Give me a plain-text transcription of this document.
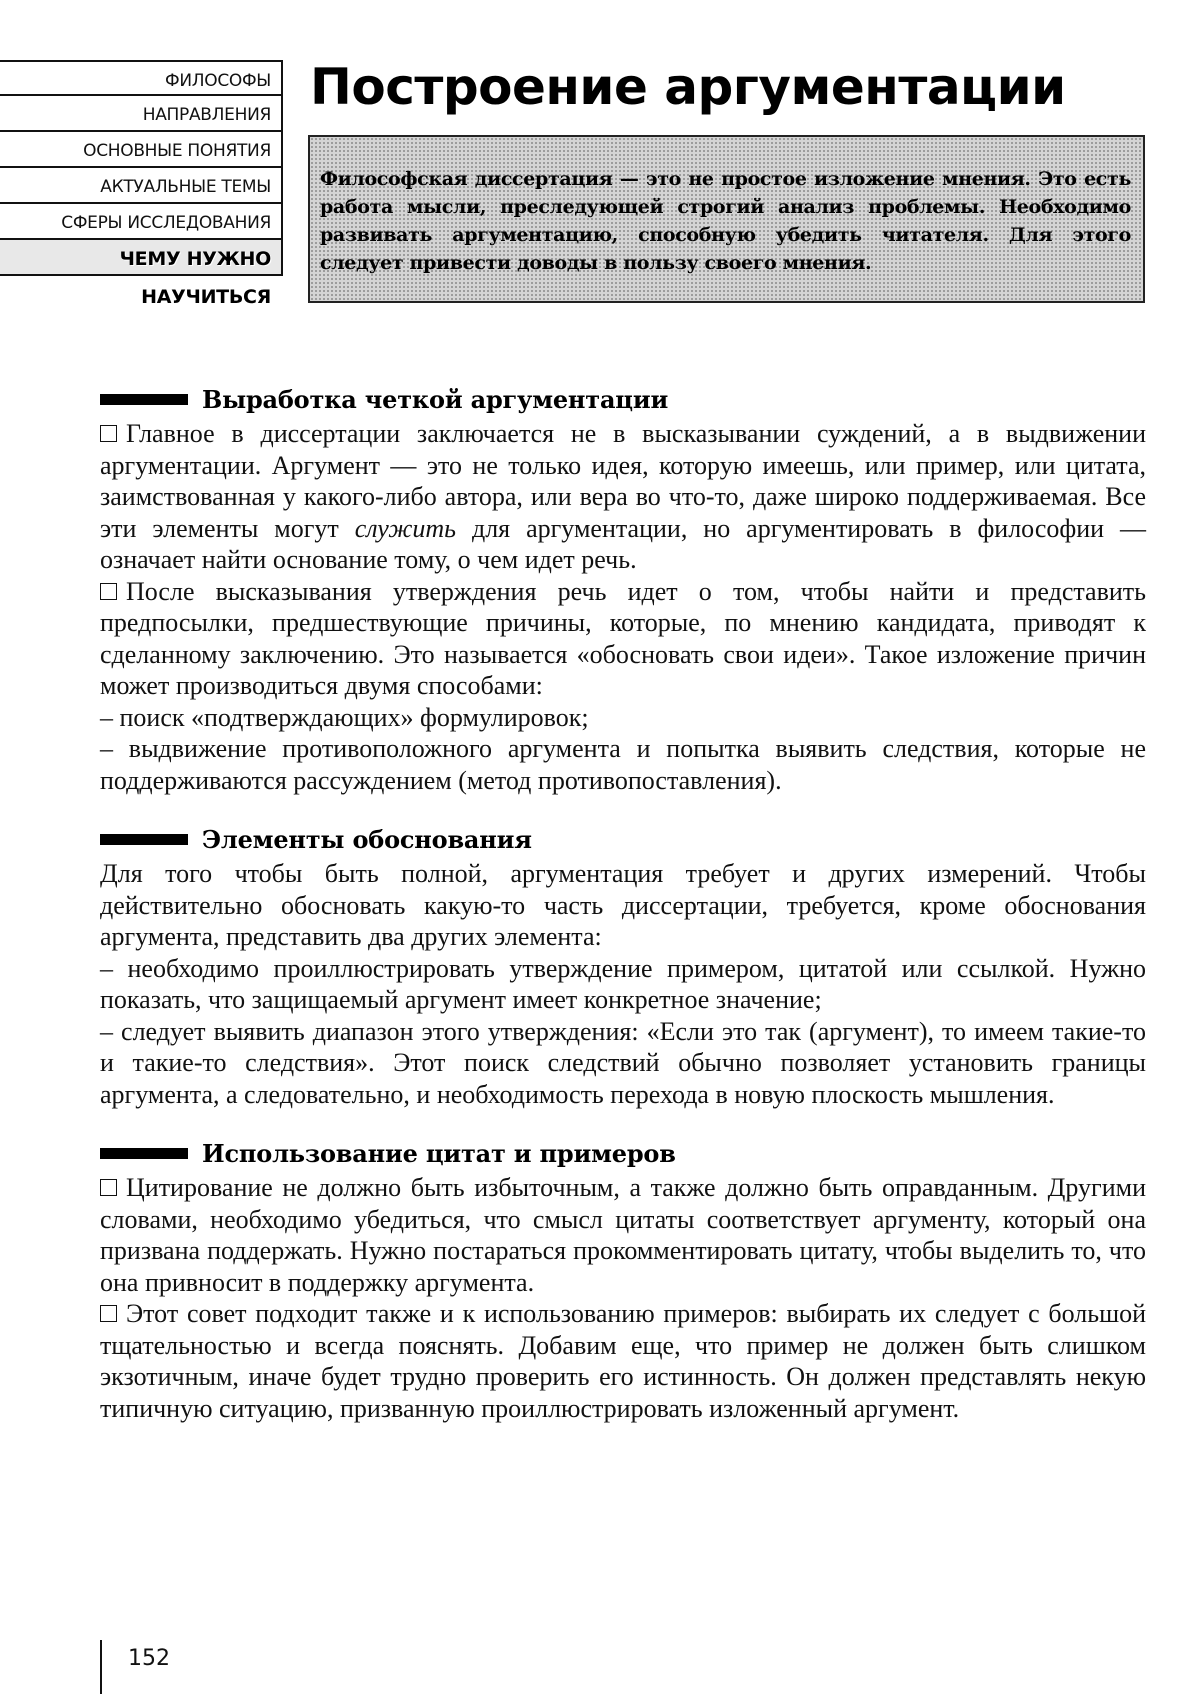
ФИЛОСОФЫ
НАПРАВЛЕНИЯ
ОСНОВНЫЕ ПОНЯТИЯ
АКТУАЛЬНЫЕ ТЕМЫ
СФЕРЫ ИССЛЕДОВАНИЯ
ЧЕМУ НУЖНО НАУЧИТЬСЯ
Построение аргументации

Философская диссертация — это не простое изложение мнения. Это есть работа мысли, преследующей строгий анализ проблемы. Необходимо развивать аргументацию, способную убедить читателя. Для этого следует привести доводы в пользу своего мнения.

Выработка четкой аргументации

Главное в диссертации заключается не в высказывании суждений, а в выдвижении аргументации. Аргумент — это не только идея, которую имеешь, или пример, или цитата, заимствованная у какого-либо автора, или вера во что-то, даже широко поддерживаемая. Все эти элементы могут служить для аргументации, но аргументировать в философии — означает найти основание тому, о чем идет речь.

После высказывания утверждения речь идет о том, чтобы найти и представить предпосылки, предшествующие причины, которые, по мнению кандидата, приводят к сделанному заключению. Это называется «обосновать свои идеи». Такое изложение причин может производиться двумя способами:

– поиск «подтверждающих» формулировок;

– выдвижение противоположного аргумента и попытка выявить следствия, которые не поддерживаются рассуждением (метод противопоставления).

Элементы обоснования

Для того чтобы быть полной, аргументация требует и других измерений. Чтобы действительно обосновать какую-то часть диссертации, требуется, кроме обоснования аргумента, представить два других элемента:

– необходимо проиллюстрировать утверждение примером, цитатой или ссылкой. Нужно показать, что защищаемый аргумент имеет конкретное значение;

– следует выявить диапазон этого утверждения: «Если это так (аргумент), то имеем такие-то и такие-то следствия». Этот поиск следствий обычно позволяет установить границы аргумента, а следовательно, и необходимость перехода в новую плоскость мышления.

Использование цитат и примеров

Цитирование не должно быть избыточным, а также должно быть оправданным. Другими словами, необходимо убедиться, что смысл цитаты соответствует аргументу, который она призвана поддержать. Нужно постараться прокомментировать цитату, чтобы выделить то, что она привносит в поддержку аргумента.

Этот совет подходит также и к использованию примеров: выбирать их следует с большой тщательностью и всегда пояснять. Добавим еще, что пример не должен быть слишком экзотичным, иначе будет трудно проверить его истинность. Он должен представлять некую типичную ситуацию, призванную проиллюстрировать изложенный аргумент.

152
